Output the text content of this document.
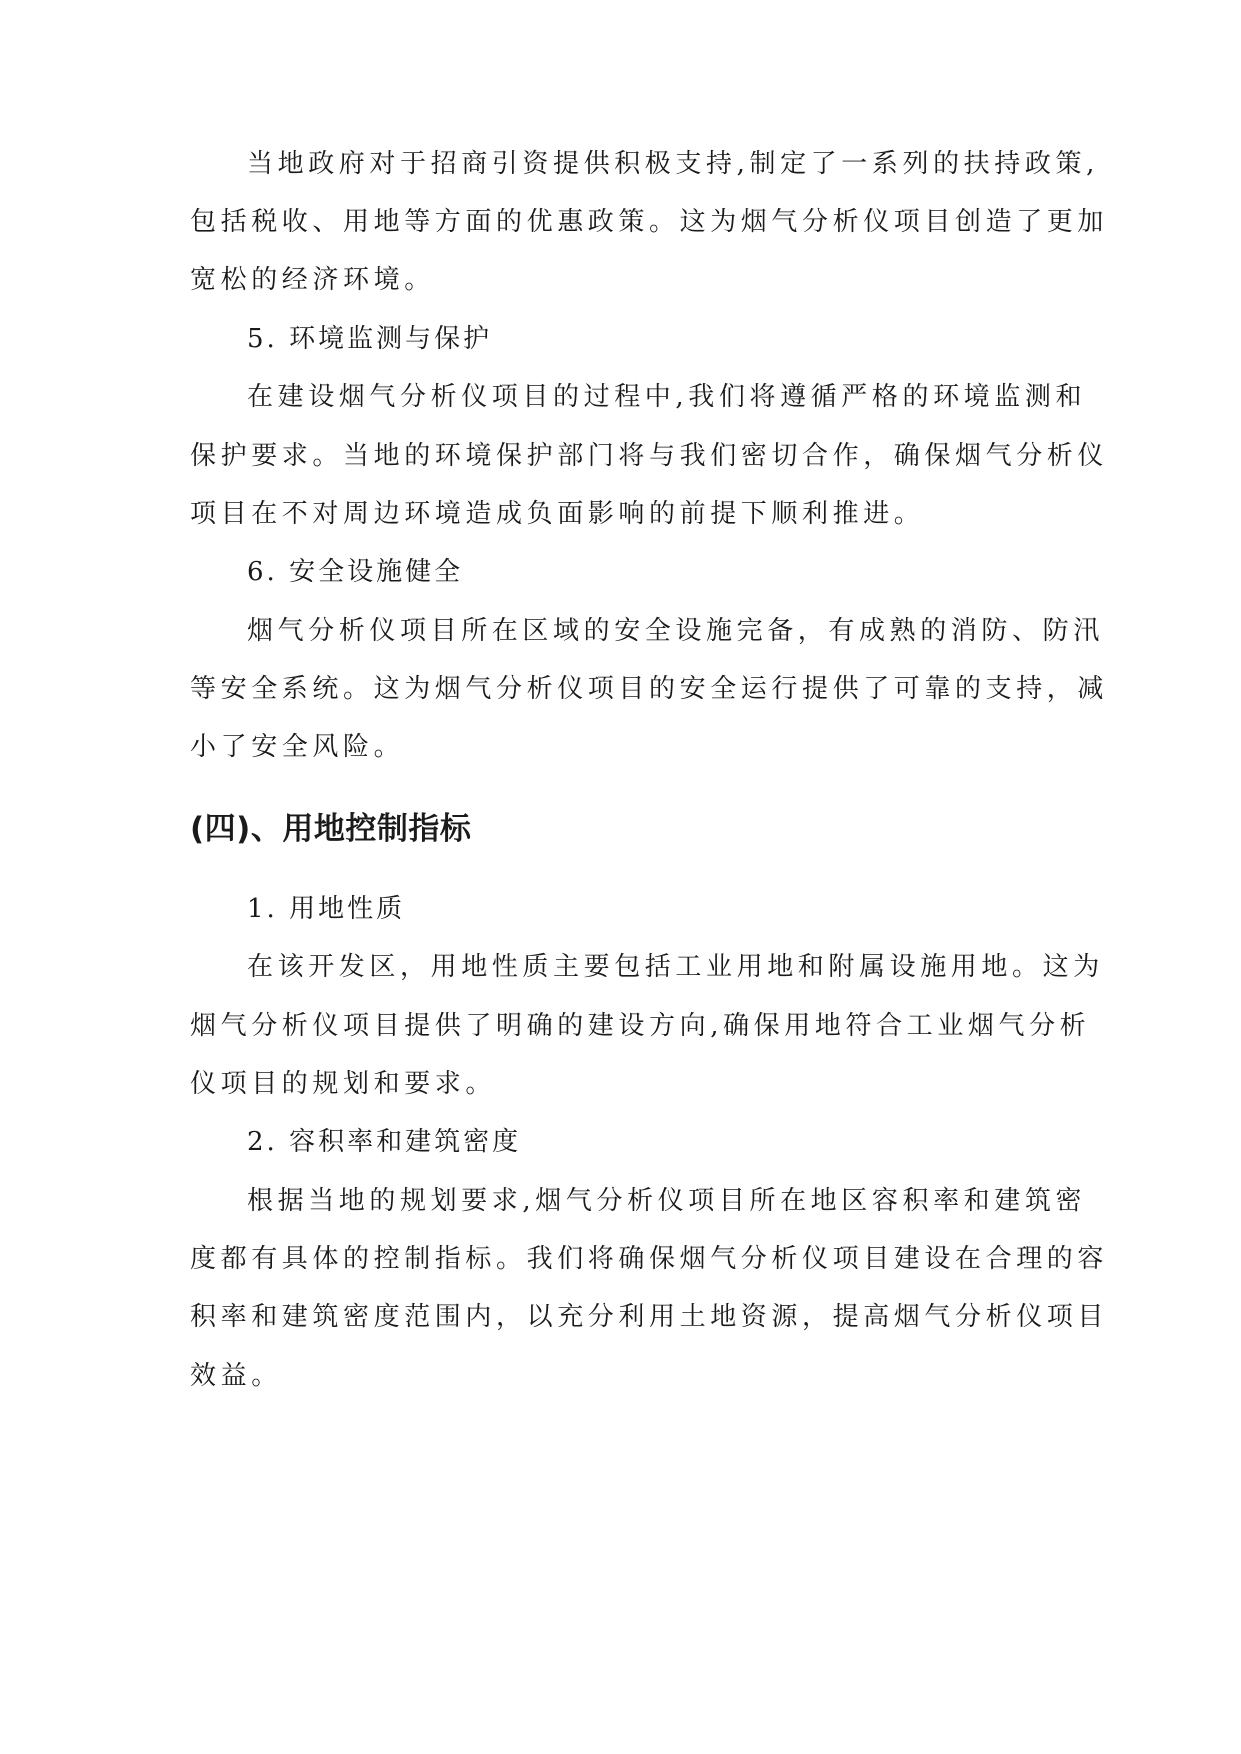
当地政府对于招商引资提供积极支持,制定了一系列的扶持政策,

包括税收、用地等方面的优惠政策。这为烟气分析仪项目创造了更加

宽松的经济环境。

5. 环境监测与保护

在建设烟气分析仪项目的过程中,我们将遵循严格的环境监测和

保护要求。当地的环境保护部门将与我们密切合作，确保烟气分析仪

项目在不对周边环境造成负面影响的前提下顺利推进。

6. 安全设施健全

烟气分析仪项目所在区域的安全设施完备，有成熟的消防、防汛

等安全系统。这为烟气分析仪项目的安全运行提供了可靠的支持，减

小了安全风险。

(四)、用地控制指标

1. 用地性质

在该开发区，用地性质主要包括工业用地和附属设施用地。这为

烟气分析仪项目提供了明确的建设方向,确保用地符合工业烟气分析

仪项目的规划和要求。

2. 容积率和建筑密度

根据当地的规划要求,烟气分析仪项目所在地区容积率和建筑密

度都有具体的控制指标。我们将确保烟气分析仪项目建设在合理的容

积率和建筑密度范围内，以充分利用土地资源，提高烟气分析仪项目

效益。
